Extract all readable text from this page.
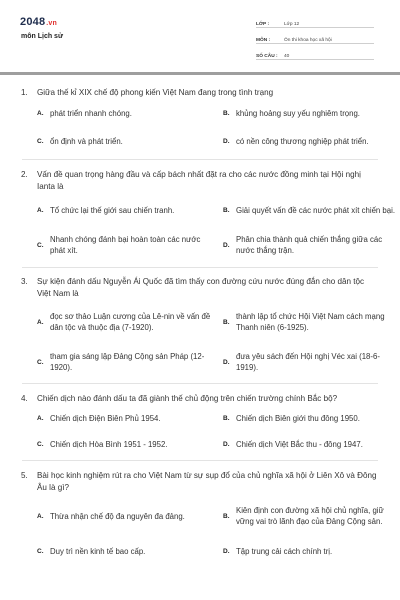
2048.vn
môn Lịch sử
LỚP :	Lớp 12
MÔN :	Ôn thi khoa học xã hội
SỐ CÂU :	40
1.	Giữa thế kỉ XIX chế độ phong kiến Việt Nam đang trong tình trạng
A. phát triển nhanh chóng.	B. khủng hoảng suy yếu nghiêm trọng.
C. ổn định và phát triển.	D. có nền công thương nghiệp phát triển.
2.	Vấn đề quan trọng hàng đầu và cấp bách nhất đặt ra cho các nước đồng minh tại Hội nghị Ianta là
A. Tổ chức lại thế giới sau chiến tranh.	B. Giải quyết vấn đề các nước phát xít chiến bại.
C.
Nhanh chóng đánh bại hoàn toàn các nước phát xít.
D.
Phân chia thành quả chiến thắng giữa các nước thắng trận.
3.	Sự kiện đánh dấu Nguyễn Ái Quốc đã tìm thấy con đường cứu nước đúng đắn cho dân tộc Việt Nam là
A.
đọc sơ thảo Luận cương của Lê-nin về vấn đề dân tộc và thuộc địa (7-1920).
B.
thành lập tổ chức Hội Việt Nam cách mạng Thanh niên (6-1925).
C.
tham gia sáng lập Đảng Cộng sản Pháp (12-1920).
D.
đưa yêu sách đến Hội nghị Véc xai (18-6-1919).
4.	Chiến dịch nào đánh dấu ta đã giành thế chủ động trên chiến trường chính Bắc bộ?
A. Chiến dịch Điện Biên Phủ 1954.	B. Chiến dịch Biên giới thu đông 1950.
C. Chiến dịch Hòa Bình 1951 - 1952.	D. Chiến dịch Việt Bắc thu - đông 1947.
5.	Bài học kinh nghiệm rút ra cho Việt Nam từ sự sụp đổ của chủ nghĩa xã hội ở Liên Xô và Đông Âu là gì?
A. Thừa nhận chế độ đa nguyên đa đảng.	B.
Kiên định con đường xã hội chủ nghĩa, giữ vững vai trò lãnh đạo của Đảng Cộng sản.
C. Duy trì nền kinh tế bao cấp.	D. Tập trung cải cách chính trị.
